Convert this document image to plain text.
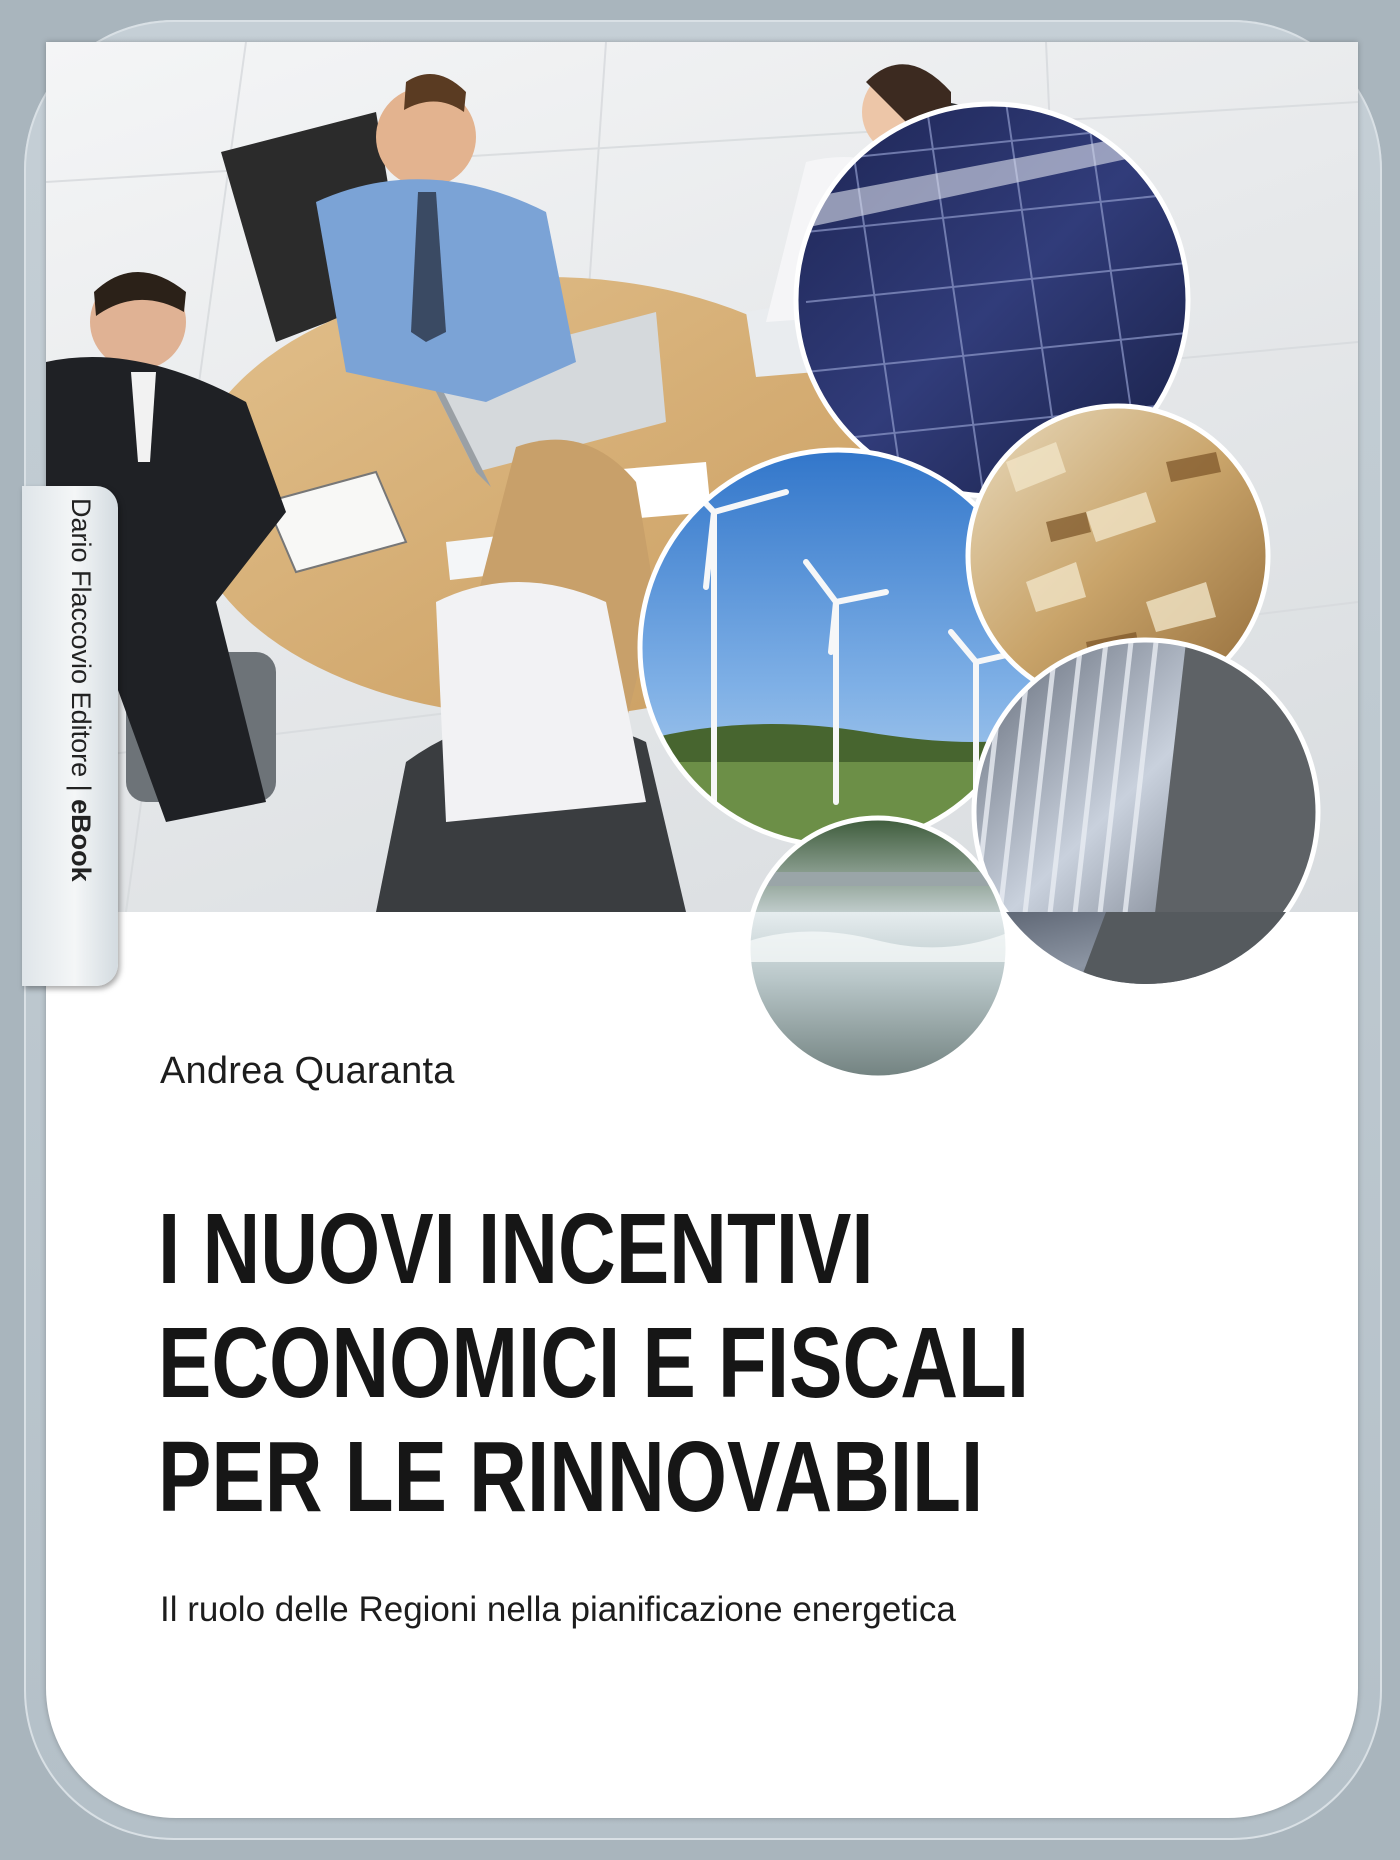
Andrea Quaranta
I NUOVI INCENTIVI
ECONOMICI E FISCALI
PER LE RINNOVABILI
Il ruolo delle Regioni nella pianificazione energetica
Dario Flaccovio Editore | eBook
